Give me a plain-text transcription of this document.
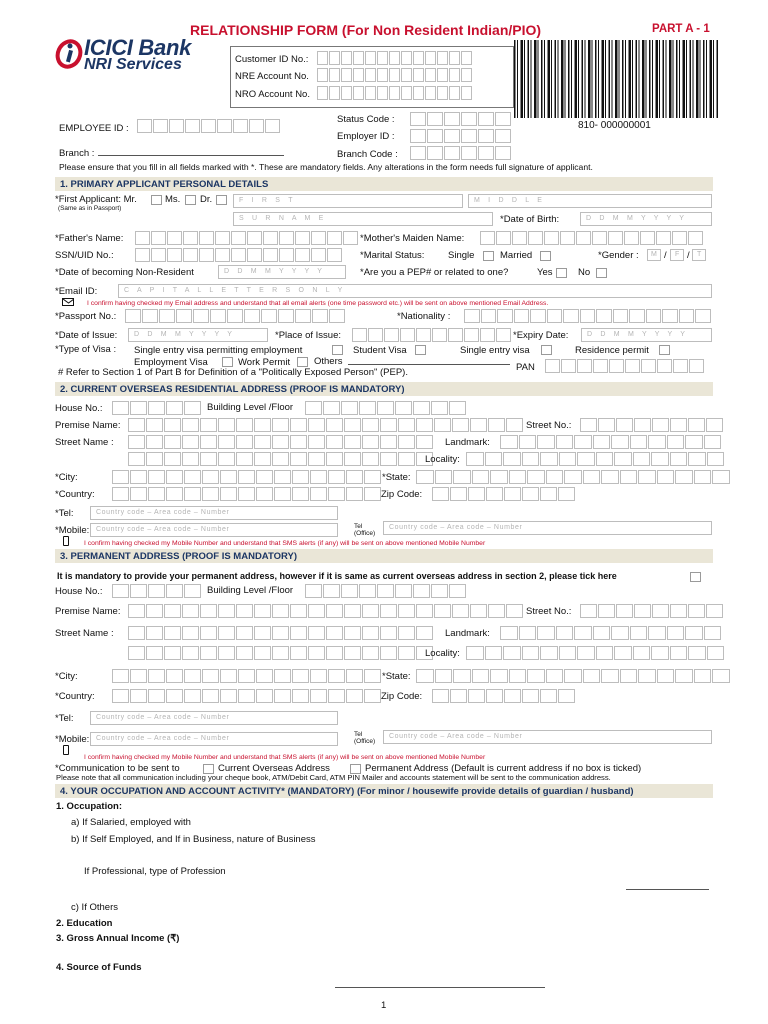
RELATIONSHIP FORM (For Non Resident Indian/PIO)	PART A - 1
ICICI Bank
NRI Services	Customer ID No.:
NRE Account No.
NRO Account No.
810- 000000001
EMPLOYEE ID :
Branch :
Status Code :
Employer ID :
Branch Code :
Please ensure that you fill in all fields marked with *. These are mandatory fields. Any alterations in the form needs full signature of applicant.
1. PRIMARY APPLICANT PERSONAL DETAILS
*First Applicant: Mr.	Ms. Dr.
(Same as in Passport)
F I R S T	M I D D L E
S U R N A M E	*Date of Birth:	D D M M Y Y Y Y
*Father's Name:	*Mother's Maiden Name:
SSN/UID No.:	*Marital Status: Single	Married	*Gender :	M /	F /	T
*Date of becoming Non-Resident	D D M M Y Y Y Y	*Are you a PEP# or related to one?	Yes	No
*Email ID:	C A P I T A L L E T T E R S O N L Y
I confirm having checked my Email address and understand that all email alerts (one time password etc.) will be sent on above mentioned Email Address.
*Passport No.:	*Nationality :
*Date of Issue:	D D M M Y Y Y Y	*Place of Issue:	*Expiry Date:	D D M M Y Y Y Y
*Type of Visa : Single entry visa permitting employment	Student Visa	Single entry visa	Residence permit
Employment Visa	Work Permit	Others
# Refer to Section 1 of Part B for Definition of a "Politically Exposed Person" (PEP).	PAN
2. CURRENT OVERSEAS RESIDENTIAL ADDRESS (PROOF IS MANDATORY)
House No.:	Building Level /Floor
Premise Name:	Street No.:
Street Name :	Landmark:
Locality:
*City:	*State:
*Country:	Zip Code:
*Tel:	Country code – Area code – Number
*Mobile: Country code – Area code – Number	Tel (Office)
Country code – Area code – Number
I confirm having checked my Mobile Number and understand that SMS alerts (if any) will be sent on above mentioned Mobile Number
3. PERMANENT ADDRESS (PROOF IS MANDATORY)
It is mandatory to provide your permanent address, however if it is same as current overseas address in section 2, please tick here
House No.:	Building Level /Floor
Premise Name:	Street No.:
Street Name :	Landmark:
Locality:
*City:	*State:
*Country:	Zip Code:
*Tel:	Country code – Area code – Number
*Mobile: Country code – Area code – Number
Tel (Office)
Country code – Area code – Number
I confirm having checked my Mobile Number and understand that SMS alerts (if any) will be sent on above mentioned Mobile Number
*Communication to be sent to	Current Overseas Address	Permanent Address (Default is current address if no box is ticked)
Please note that all communication including your cheque book, ATM/Debit Card, ATM PIN Mailer and accounts statement will be sent to the communication address.
4. YOUR OCCUPATION AND ACCOUNT ACTIVITY* (MANDATORY) (For minor / housewife provide details of guardian / husband)
1. Occupation:
a) If Salaried, employed with
b) If Self Employed, and If in Business, nature of Business
If Professional, type of Profession
c) If Others
2. Education
3. Gross Annual Income (₹)
4. Source of Funds
1
